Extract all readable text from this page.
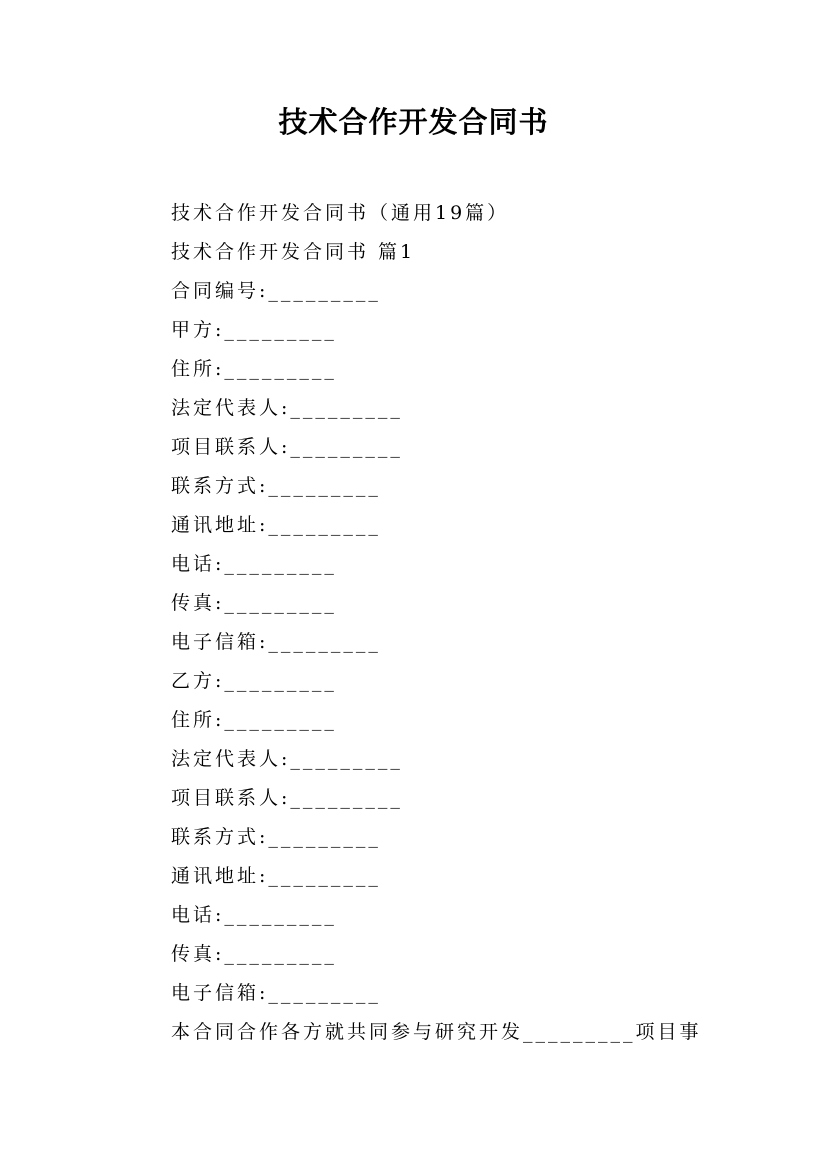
技术合作开发合同书
技术合作开发合同书（通用19篇）
技术合作开发合同书 篇1
合同编号:_________
甲方:_________
住所:_________
法定代表人:_________
项目联系人:_________
联系方式:_________
通讯地址:_________
电话:_________
传真:_________
电子信箱:_________
乙方:_________
住所:_________
法定代表人:_________
项目联系人:_________
联系方式:_________
通讯地址:_________
电话:_________
传真:_________
电子信箱:_________
本合同合作各方就共同参与研究开发_________项目事
